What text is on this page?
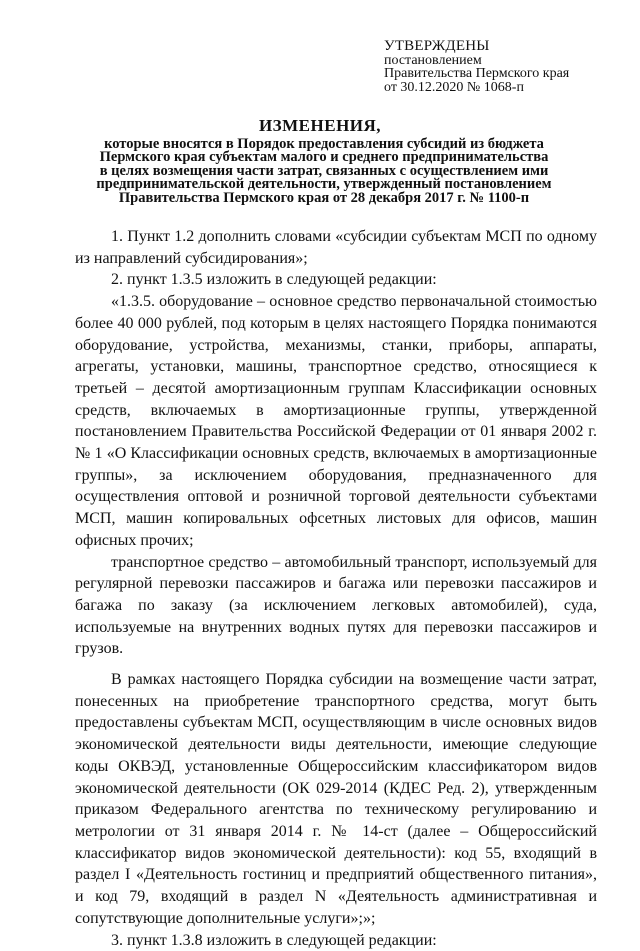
УТВЕРЖДЕНЫ
постановлением
Правительства Пермского края
от 30.12.2020 № 1068-п
ИЗМЕНЕНИЯ,
которые вносятся в Порядок предоставления субсидий из бюджета
Пермского края субъектам малого и среднего предпринимательства
в целях возмещения части затрат, связанных с осуществлением ими
предпринимательской деятельности, утвержденный постановлением
Правительства Пермского края от 28 декабря 2017 г. № 1100-п

1. Пункт 1.2 дополнить словами «субсидии субъектам МСП по одному из направлений субсидирования»;

2. пункт 1.3.5 изложить в следующей редакции:

«1.3.5. оборудование – основное средство первоначальной стоимостью более 40 000 рублей, под которым в целях настоящего Порядка понимаются оборудование, устройства, механизмы, станки, приборы, аппараты, агрегаты, установки, машины, транспортное средство, относящиеся к третьей – десятой амортизационным группам Классификации основных средств, включаемых в амортизационные группы, утвержденной постановлением Правительства Российской Федерации от 01 января 2002 г. № 1 «О Классификации основных средств, включаемых в амортизационные группы», за исключением оборудования, предназначенного для осуществления оптовой и розничной торговой деятельности субъектами МСП, машин копировальных офсетных листовых для офисов, машин офисных прочих;

транспортное средство – автомобильный транспорт, используемый для регулярной перевозки пассажиров и багажа или перевозки пассажиров и багажа по заказу (за исключением легковых автомобилей), суда, используемые на внутренних водных путях для перевозки пассажиров и грузов.

В рамках настоящего Порядка субсидии на возмещение части затрат, понесенных на приобретение транспортного средства, могут быть предоставлены субъектам МСП, осуществляющим в числе основных видов экономической деятельности виды деятельности, имеющие следующие коды ОКВЭД, установленные Общероссийским классификатором видов экономической деятельности (ОК 029-2014 (КДЕС Ред. 2), утвержденным приказом Федерального агентства по техническому регулированию и метрологии от 31 января 2014 г. № 14-ст (далее – Общероссийский классификатор видов экономической деятельности): код 55, входящий в раздел I «Деятельность гостиниц и предприятий общественного питания», и код 79, входящий в раздел N «Деятельность административная и сопутствующие дополнительные услуги»;»;

3. пункт 1.3.8 изложить в следующей редакции:
